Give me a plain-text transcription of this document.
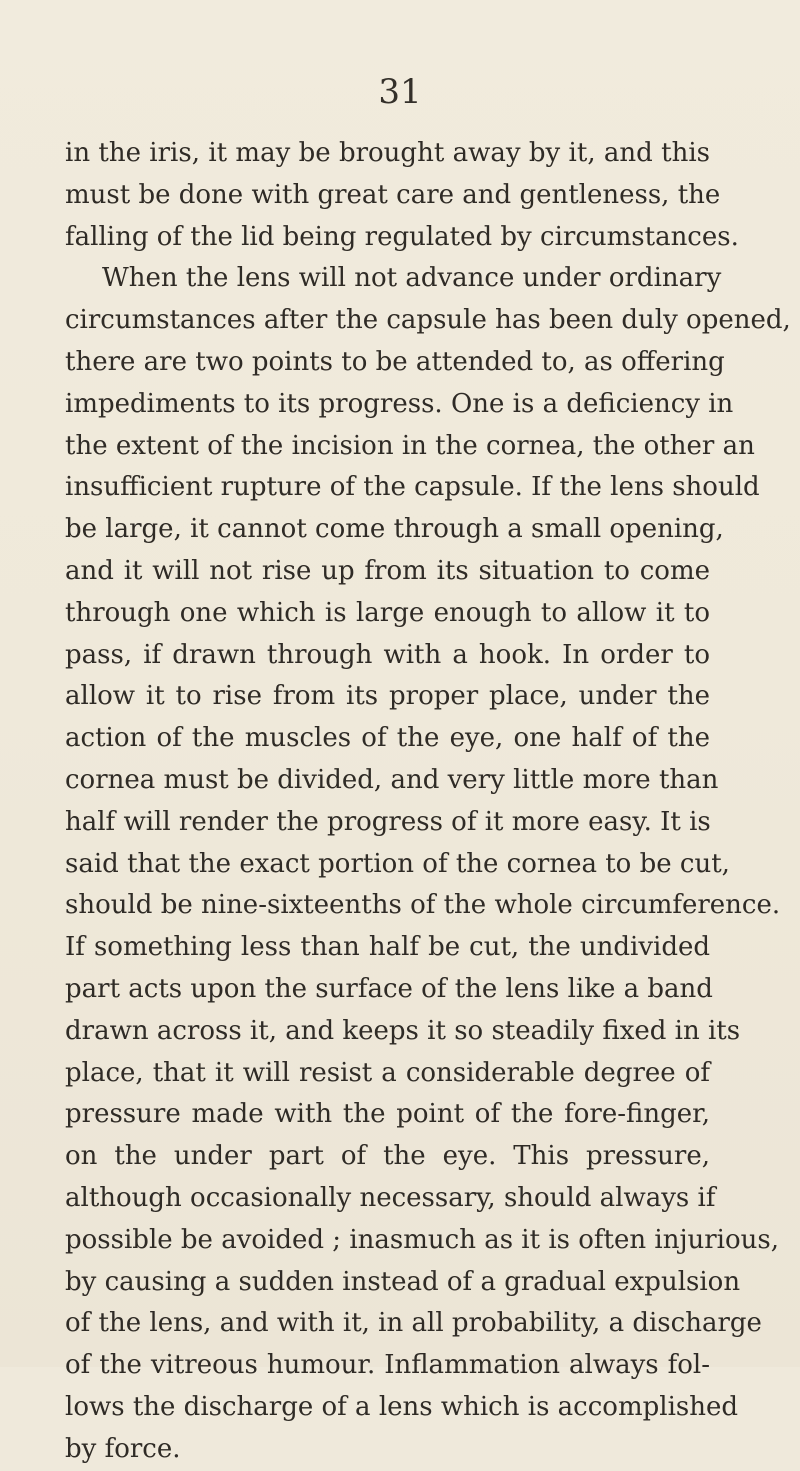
31
in the iris, it may be brought away by it, and this
must be done with great care and gentleness, the
falling of the lid being regulated by circumstances.
When the lens will not advance under ordinary
circumstances after the capsule has been duly opened,
there are two points to be attended to, as offering
impediments to its progress. One is a deficiency in
the extent of the incision in the cornea, the other an
insufficient rupture of the capsule. If the lens should
be large, it cannot come through a small opening,
and it will not rise up from its situation to come
through one which is large enough to allow it to
pass, if drawn through with a hook. In order to
allow it to rise from its proper place, under the
action of the muscles of the eye, one half of the
cornea must be divided, and very little more than
half will render the progress of it more easy. It is
said that the exact portion of the cornea to be cut,
should be nine-sixteenths of the whole circumference.
If something less than half be cut, the undivided
part acts upon the surface of the lens like a band
drawn across it, and keeps it so steadily fixed in its
place, that it will resist a considerable degree of
pressure made with the point of the fore-finger,
on the under part of the eye. This pressure,
although occasionally necessary, should always if
possible be avoided ; inasmuch as it is often injurious,
by causing a sudden instead of a gradual expulsion
of the lens, and with it, in all probability, a discharge
of the vitreous humour. Inflammation always fol-
lows the discharge of a lens which is accomplished
by force.
